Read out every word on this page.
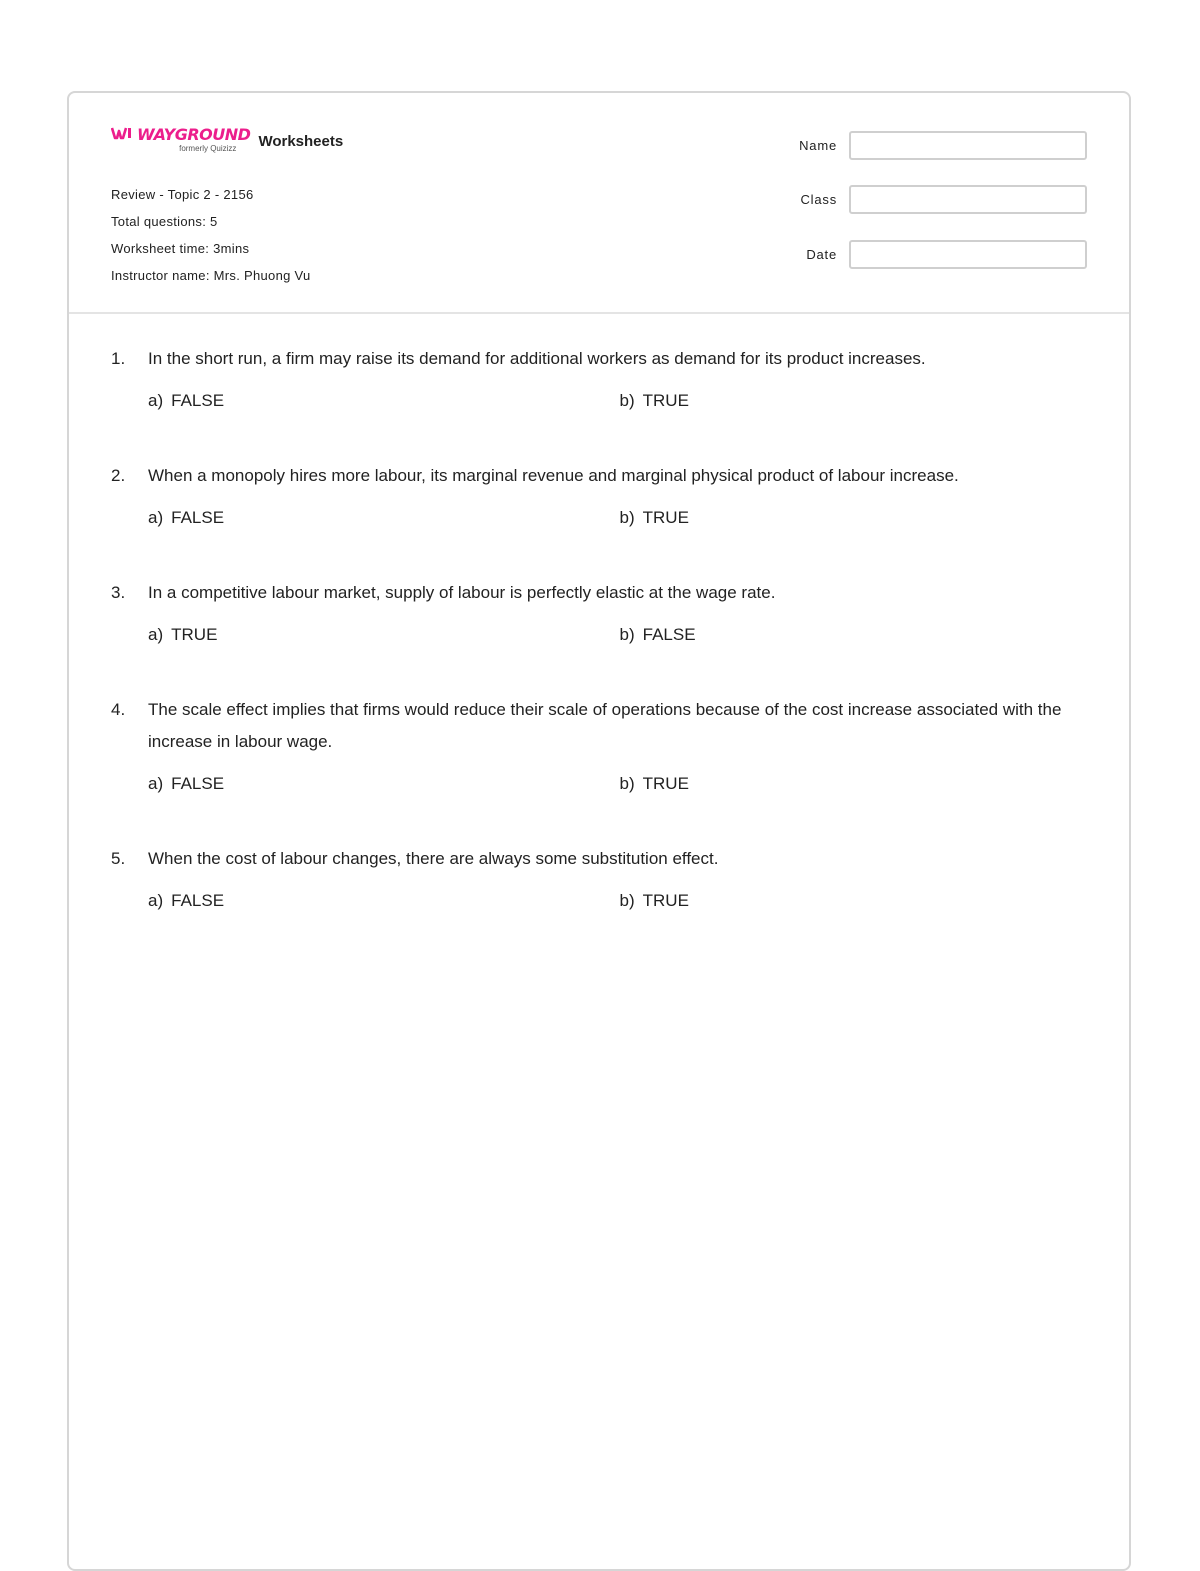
WAYGROUND
formerly Quizizz Worksheets
Review - Topic 2 - 2156
Total questions: 5
Worksheet time: 3mins
Instructor name: Mrs. Phuong Vu
Name
Class
Date
1. In the short run, a firm may raise its demand for additional workers as demand for its product increases.
a) FALSE	b) TRUE
2. When a monopoly hires more labour, its marginal revenue and marginal physical product of labour increase.
a) FALSE	b) TRUE
3. In a competitive labour market, supply of labour is perfectly elastic at the wage rate.
a) TRUE	b) FALSE
4. The scale effect implies that firms would reduce their scale of operations because of the cost increase associated with the increase in labour wage.
a) FALSE	b) TRUE
5. When the cost of labour changes, there are always some substitution effect.
a) FALSE	b) TRUE
